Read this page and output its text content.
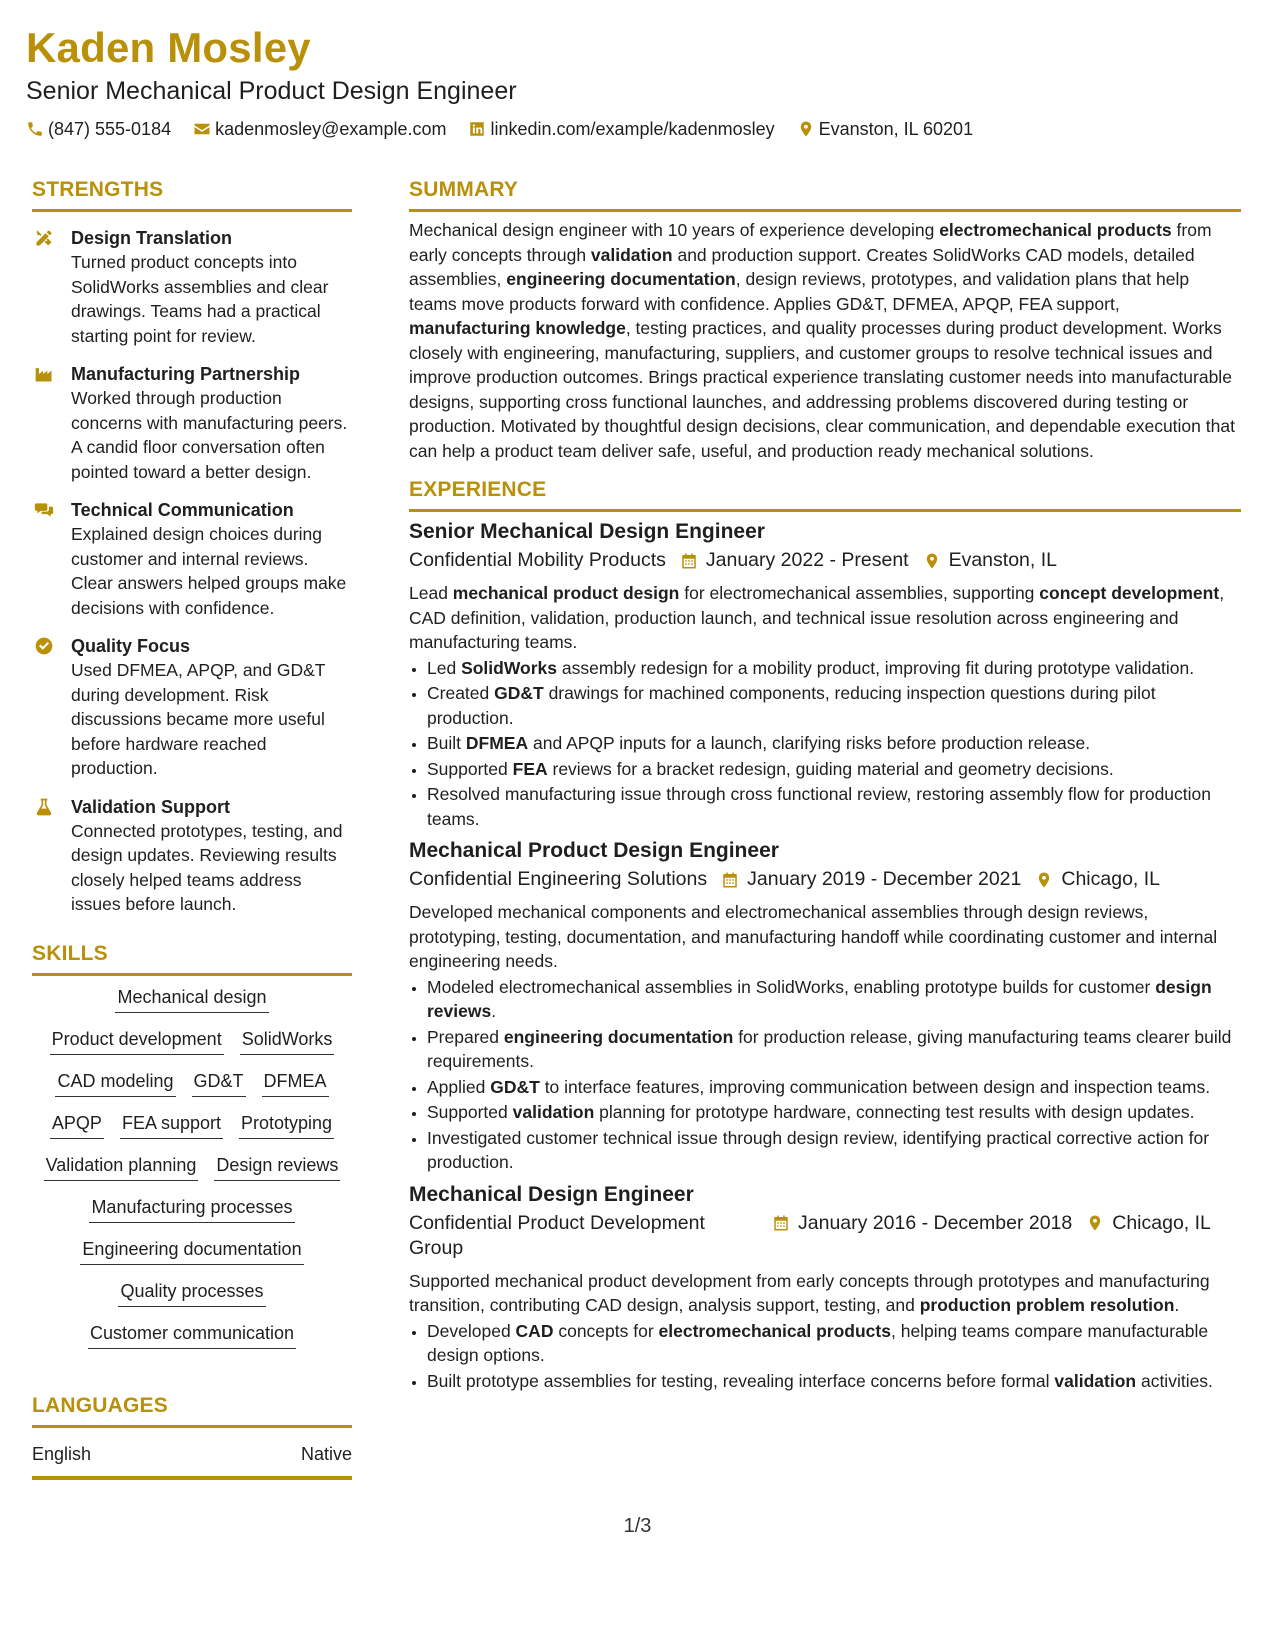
Kaden Mosley
Senior Mechanical Product Design Engineer
(847) 555-0184 kadenmosley@example.com linkedin.com/example/kadenmosley Evanston, IL 60201
STRENGTHS
Design Translation
Turned product concepts into SolidWorks assemblies and clear drawings. Teams had a practical starting point for review.
Manufacturing Partnership
Worked through production concerns with manufacturing peers. A candid floor conversation often pointed toward a better design.
Technical Communication
Explained design choices during customer and internal reviews. Clear answers helped groups make decisions with confidence.
Quality Focus
Used DFMEA, APQP, and GD&T during development. Risk discussions became more useful before hardware reached production.
Validation Support
Connected prototypes, testing, and design updates. Reviewing results closely helped teams address issues before launch.
SKILLS
Mechanical design
Product development SolidWorks
CAD modeling GD&T DFMEA
APQP FEA support Prototyping
Validation planning Design reviews
Manufacturing processes
Engineering documentation
Quality processes
Customer communication
LANGUAGES
English	Native
SUMMARY
Mechanical design engineer with 10 years of experience developing electromechanical products from early concepts through validation and production support. Creates SolidWorks CAD models, detailed assemblies, engineering documentation, design reviews, prototypes, and validation plans that help teams move products forward with confidence. Applies GD&T, DFMEA, APQP, FEA support, manufacturing knowledge, testing practices, and quality processes during product development. Works closely with engineering, manufacturing, suppliers, and customer groups to resolve technical issues and improve production outcomes. Brings practical experience translating customer needs into manufacturable designs, supporting cross functional launches, and addressing problems discovered during testing or production. Motivated by thoughtful design decisions, clear communication, and dependable execution that can help a product team deliver safe, useful, and production ready mechanical solutions.
EXPERIENCE
Senior Mechanical Design Engineer
Confidential Mobility Products January 2022 - Present Evanston, IL
Lead mechanical product design for electromechanical assemblies, supporting concept development, CAD definition, validation, production launch, and technical issue resolution across engineering and manufacturing teams.
• Led SolidWorks assembly redesign for a mobility product, improving fit during prototype validation.
• Created GD&T drawings for machined components, reducing inspection questions during pilot production.
• Built DFMEA and APQP inputs for a launch, clarifying risks before production release.
• Supported FEA reviews for a bracket redesign, guiding material and geometry decisions.
• Resolved manufacturing issue through cross functional review, restoring assembly flow for production teams.
Mechanical Product Design Engineer
Confidential Engineering Solutions January 2019 - December 2021 Chicago, IL
Developed mechanical components and electromechanical assemblies through design reviews, prototyping, testing, documentation, and manufacturing handoff while coordinating customer and internal engineering needs.
• Modeled electromechanical assemblies in SolidWorks, enabling prototype builds for customer design reviews.
• Prepared engineering documentation for production release, giving manufacturing teams clearer build requirements.
• Applied GD&T to interface features, improving communication between design and inspection teams.
• Supported validation planning for prototype hardware, connecting test results with design updates.
• Investigated customer technical issue through design review, identifying practical corrective action for production.
Mechanical Design Engineer
Confidential Product Development Group
January 2016 - December 2018 Chicago, IL
Supported mechanical product development from early concepts through prototypes and manufacturing transition, contributing CAD design, analysis support, testing, and production problem resolution.
• Developed CAD concepts for electromechanical products, helping teams compare manufacturable design options.
• Built prototype assemblies for testing, revealing interface concerns before formal validation activities.
1/3
